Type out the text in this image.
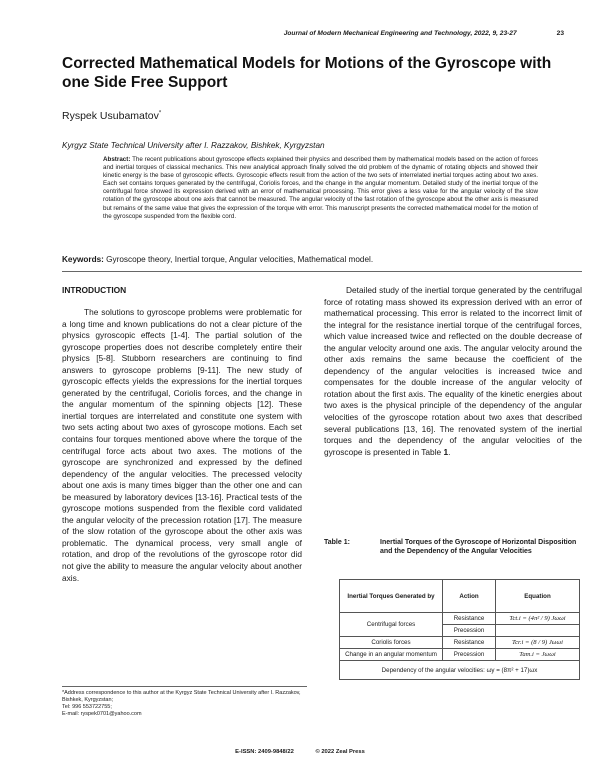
Journal of Modern Mechanical Engineering and Technology, 2022, 9, 23-27	23
Corrected Mathematical Models for Motions of the Gyroscope with one Side Free Support
Ryspek Usubamatov*
Kyrgyz State Technical University after I. Razzakov, Bishkek, Kyrgyzstan
Abstract: The recent publications about gyroscope effects explained their physics and described them by mathematical models based on the action of forces and inertial torques of classical mechanics. This new analytical approach finally solved the old problem of the dynamic of rotating objects and showed their kinetic energy is the base of gyroscopic effects. Gyroscopic effects result from the action of the two sets of interrelated inertial torques acting about two axes. Each set contains torques generated by the centrifugal, Coriolis forces, and the change in the angular momentum. Detailed study of the inertial torque of the centrifugal force showed its expression derived with an error of mathematical processing. This error gives a less value for the angular velocity of the slow rotation of the gyroscope about one axis that cannot be measured. The angular velocity of the fast rotation of the gyroscope about the other axis is measured but remains of the same value that gives the expression of the torque with error. This manuscript presents the corrected mathematical model for the motion of the gyroscope suspended from the flexible cord.
Keywords: Gyroscope theory, Inertial torque, Angular velocities, Mathematical model.
INTRODUCTION

The solutions to gyroscope problems were problematic for a long time and known publications do not a clear picture of the physics gyroscopic effects [1-4]. The partial solution of the gyroscope properties does not describe completely entire their physics [5-8]. Stubborn researchers are continuing to find answers to gyroscope problems [9-11]. The new study of gyroscopic effects yields the expressions for the inertial torques generated by the centrifugal, Coriolis forces, and the change in the angular momentum of the spinning objects [12]. These inertial torques are interrelated and constitute one system with two sets acting about two axes of gyroscope motions. Each set contains four torques mentioned above where the torque of the centrifugal force acts about two axes. The motions of the gyroscope are synchronized and expressed by the defined dependency of the angular velocities. The precessed velocity about one axis is many times bigger than the other one and can be measured by laboratory devices [13-16]. Practical tests of the gyroscope motions suspended from the flexible cord validated the angular velocity of the precession rotation [17]. The measure of the slow rotation of the gyroscope about the other axis was problematic. The dynamical process, very small angle of rotation, and drop of the revolutions of the gyroscope rotor did not give the ability to measure the angular velocity about another axis.

Detailed study of the inertial torque generated by the centrifugal force of rotating mass showed its expression derived with an error of mathematical processing. This error is related to the incorrect limit of the integral for the resistance inertial torque of the centrifugal forces, which value increased twice and reflected on the double decrease of the angular velocity around one axis. The angular velocity around the other axis remains the same because the coefficient of the dependency of the angular velocities is increased twice and compensates for the double increase of the angular velocity of rotation about the first axis. The equality of the kinetic energies about two axes is the physical principle of the dependency of the angular velocities of the gyroscope rotation about two axes that described several publications [13, 16]. The renovated system of the inertial torques and the dependency of the angular velocities of the gyroscope is presented in Table 1.

Table 1:	Inertial Torques of the Gyroscope of Horizontal Disposition and the Dependency of the Angular Velocities
Inertial Torques Generated by	Action	Equation
Centrifugal forces	Resistance	Tct.i = (4π² / 9) Jωωi
	Precession	
Coriolis forces	Resistance	Tcr.i = (8 / 9) Jωωi
Change in an angular momentum	Precession	Tam.i = Jωωi
Dependency of the angular velocities: ωy = (8π² + 17)ωx		
*Address correspondence to this author at the Kyrgyz State Technical University after I. Razzakov, Bishkek, Kyrgyzstan;
Tel: 996 553722755;
E-mail: ryspek0701@yahoo.com
E-ISSN: 2409-9848/22	© 2022 Zeal Press
